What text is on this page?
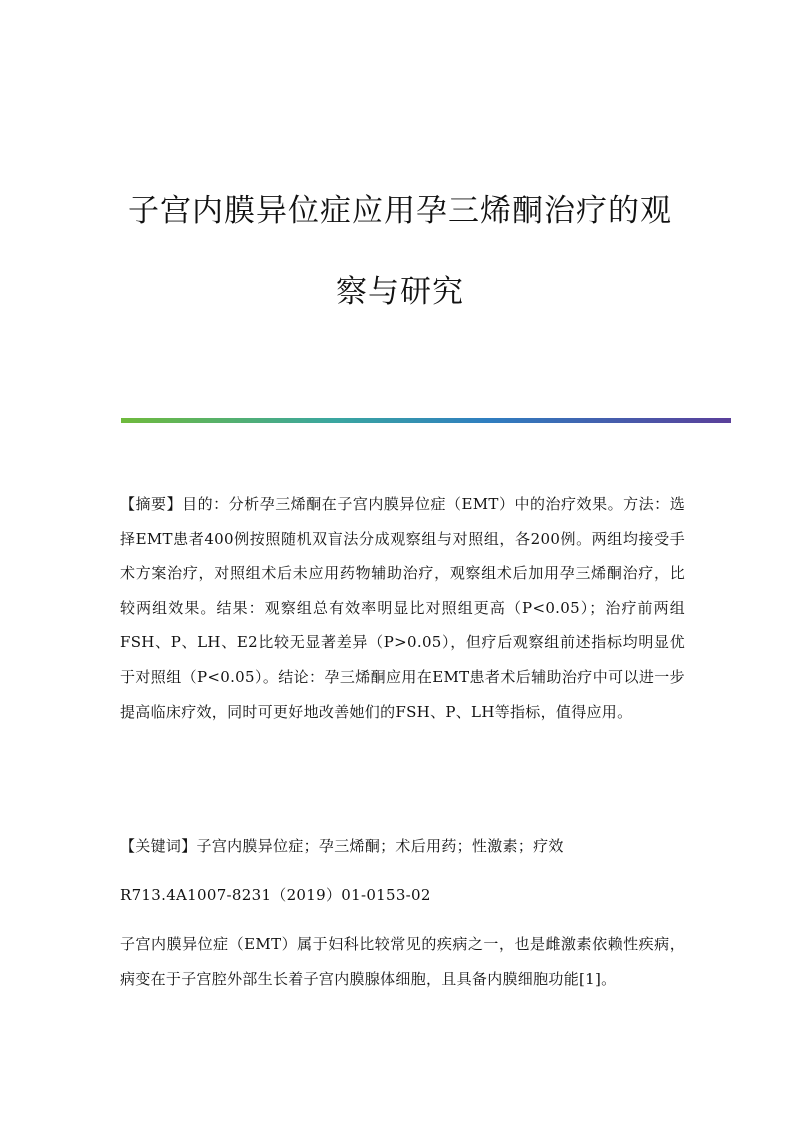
子宫内膜异位症应用孕三烯酮治疗的观
察与研究

【摘要】目的：分析孕三烯酮在子宫内膜异位症（EMT）中的治疗效果。方法：选择EMT患者400例按照随机双盲法分成观察组与对照组，各200例。两组均接受手术方案治疗，对照组术后未应用药物辅助治疗，观察组术后加用孕三烯酮治疗，比较两组效果。结果：观察组总有效率明显比对照组更高（P<0.05）；治疗前两组FSH、P、LH、E2比较无显著差异（P>0.05），但疗后观察组前述指标均明显优于对照组（P<0.05）。结论：孕三烯酮应用在EMT患者术后辅助治疗中可以进一步提高临床疗效，同时可更好地改善她们的FSH、P、LH等指标，值得应用。

【关键词】子宫内膜异位症；孕三烯酮；术后用药；性激素；疗效

R713.4A1007-8231（2019）01-0153-02

子宫内膜异位症（EMT）属于妇科比较常见的疾病之一，也是雌激素依赖性疾病，病变在于子宫腔外部生长着子宫内膜腺体细胞，且具备内膜细胞功能[1]。
